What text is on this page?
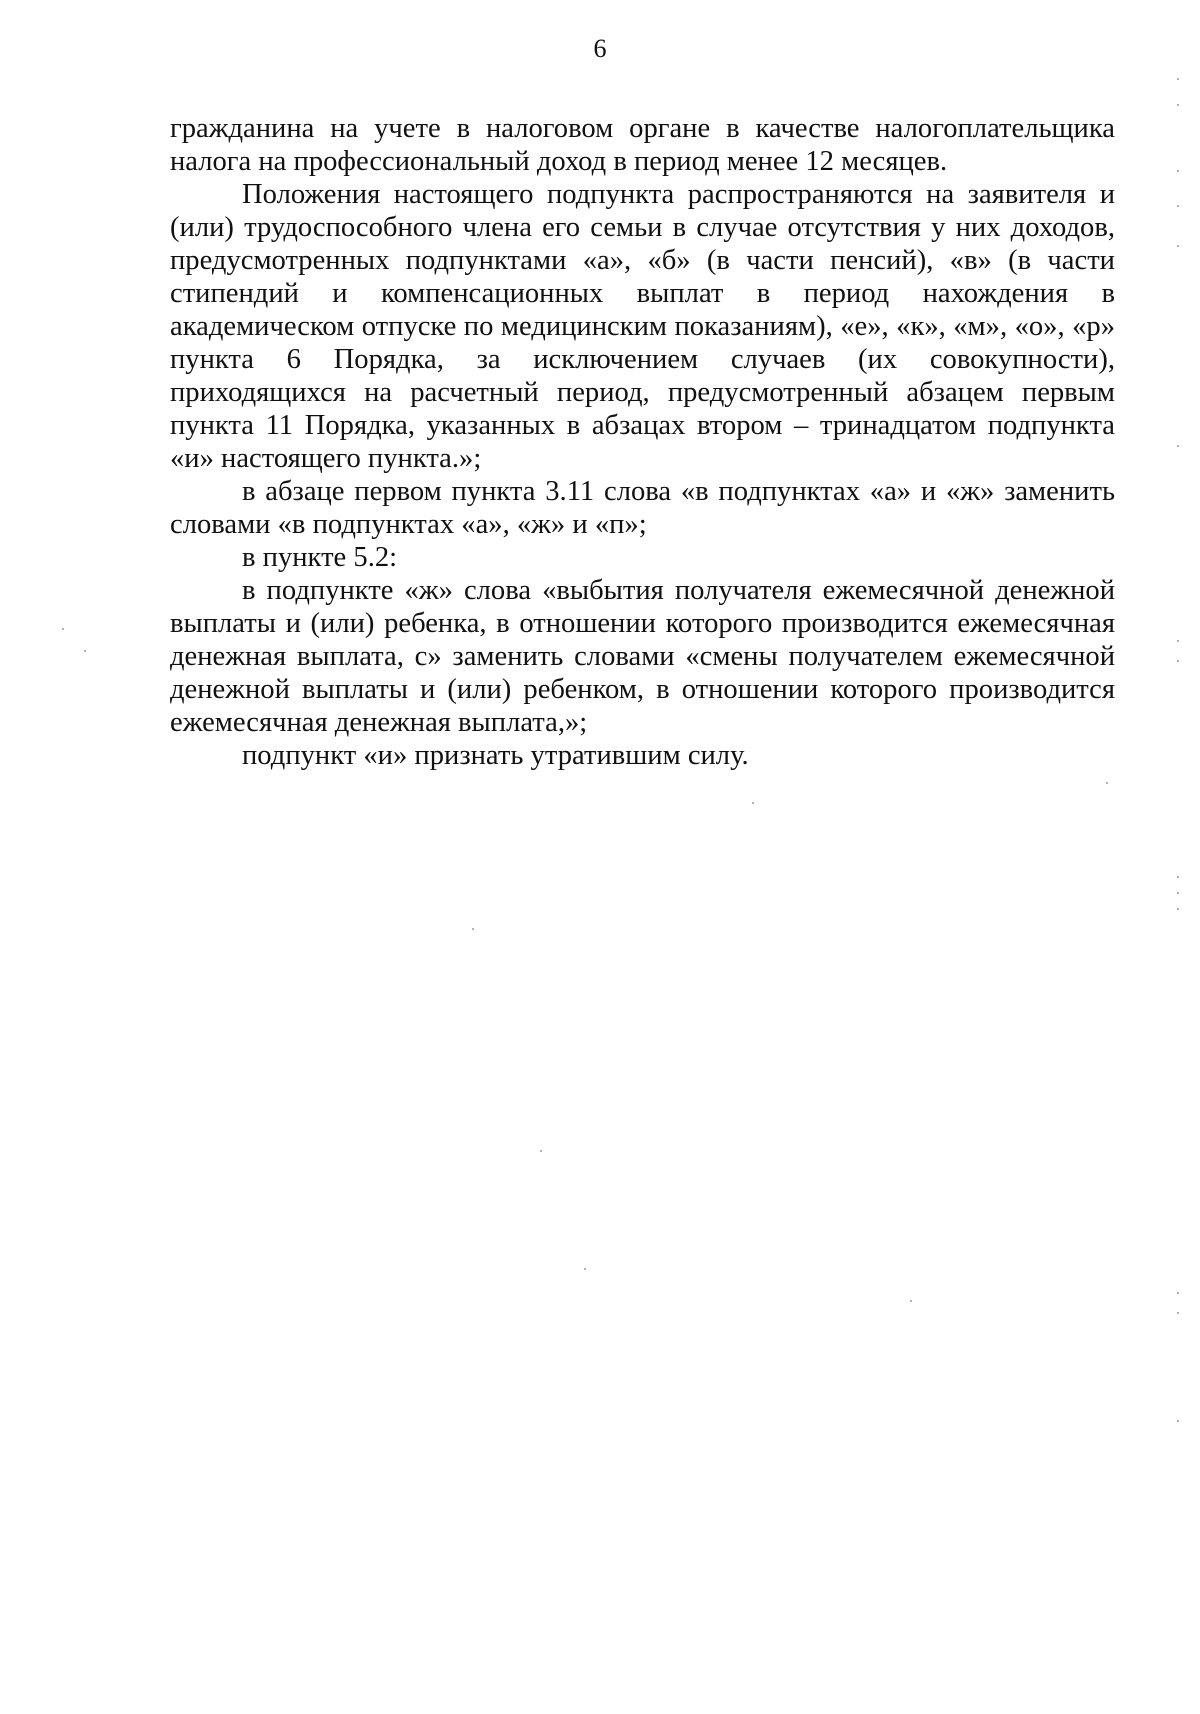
6

гражданина на учете в налоговом органе в качестве налогоплательщика налога на профессиональный доход в период менее 12 месяцев.

Положения настоящего подпункта распространяются на заявителя и (или) трудоспособного члена его семьи в случае отсутствия у них доходов, предусмотренных подпунктами «а», «б» (в части пенсий), «в» (в части стипендий и компенсационных выплат в период нахождения в академическом отпуске по медицинским показаниям), «е», «к», «м», «о», «р» пункта 6 Порядка, за исключением случаев (их совокупности), приходящихся на расчетный период, предусмотренный абзацем первым пункта 11 Порядка, указанных в абзацах втором – тринадцатом подпункта «и» настоящего пункта.»;

в абзаце первом пункта 3.11 слова «в подпунктах «а» и «ж» заменить словами «в подпунктах «а», «ж» и «п»;

в пункте 5.2:

в подпункте «ж» слова «выбытия получателя ежемесячной денежной выплаты и (или) ребенка, в отношении которого производится ежемесячная денежная выплата, с» заменить словами «смены получателем ежемесячной денежной выплаты и (или) ребенком, в отношении которого производится ежемесячная денежная выплата,»;

подпункт «и» признать утратившим силу.
